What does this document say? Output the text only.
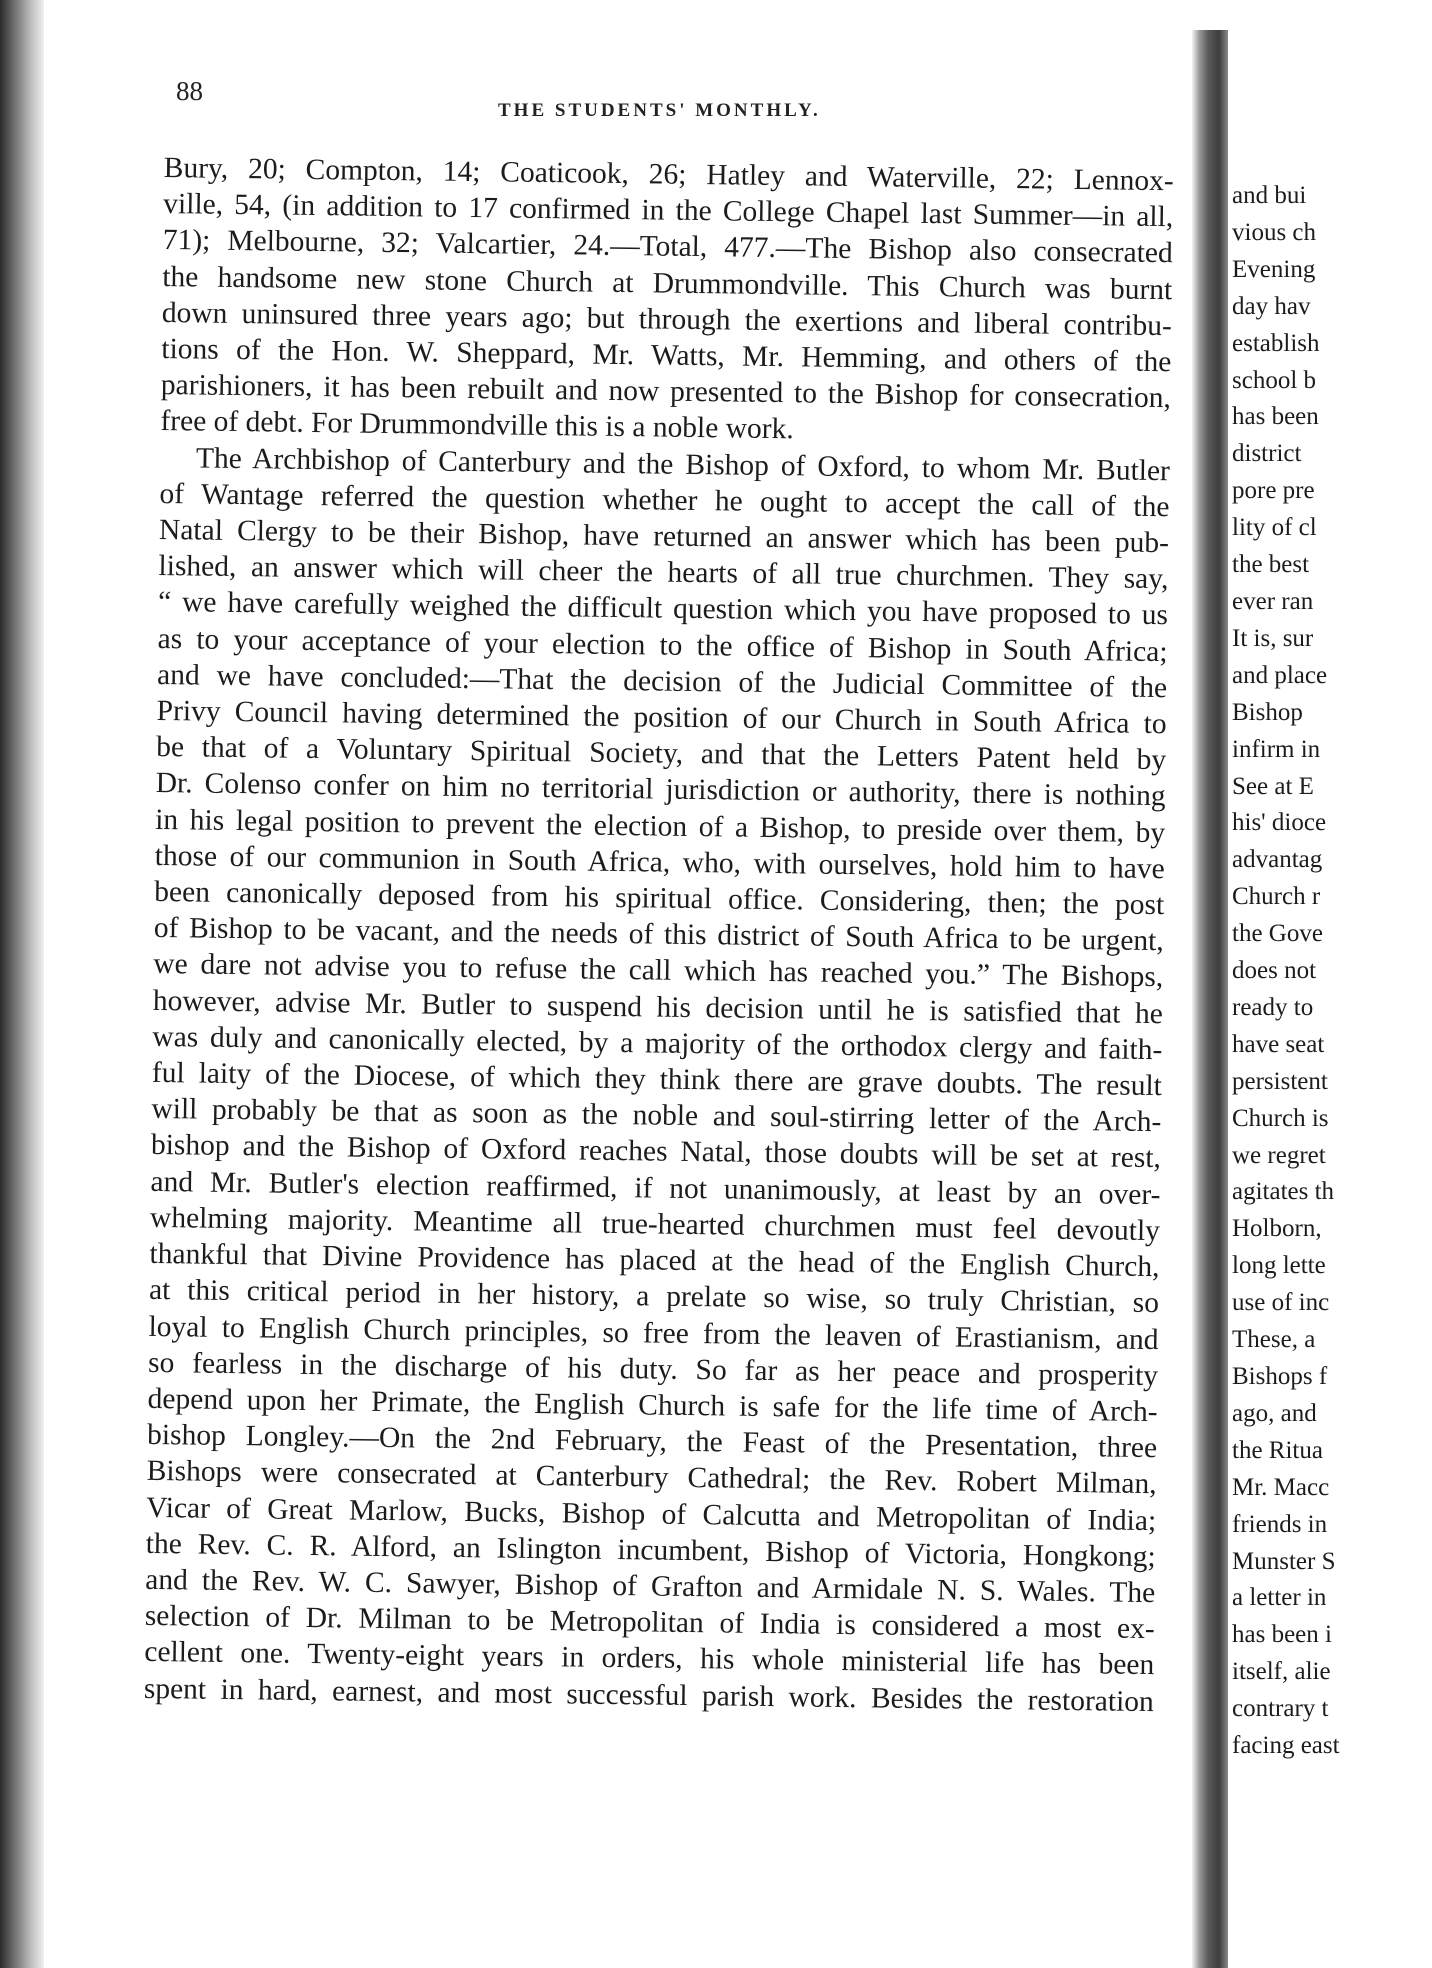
88
THE STUDENTS' MONTHLY.
Bury, 20; Compton, 14; Coaticook, 26; Hatley and Waterville, 22; Lennox-
ville, 54, (in addition to 17 confirmed in the College Chapel last Summer—in all,
71); Melbourne, 32; Valcartier, 24.—Total, 477.—The Bishop also consecrated
the handsome new stone Church at Drummondville. This Church was burnt
down uninsured three years ago; but through the exertions and liberal contribu-
tions of the Hon. W. Sheppard, Mr. Watts, Mr. Hemming, and others of the
parishioners, it has been rebuilt and now presented to the Bishop for consecration,
free of debt. For Drummondville this is a noble work.
The Archbishop of Canterbury and the Bishop of Oxford, to whom Mr. Butler
of Wantage referred the question whether he ought to accept the call of the
Natal Clergy to be their Bishop, have returned an answer which has been pub-
lished, an answer which will cheer the hearts of all true churchmen. They say,
“ we have carefully weighed the difficult question which you have proposed to us
as to your acceptance of your election to the office of Bishop in South Africa;
and we have concluded:—That the decision of the Judicial Committee of the
Privy Council having determined the position of our Church in South Africa to
be that of a Voluntary Spiritual Society, and that the Letters Patent held by
Dr. Colenso confer on him no territorial jurisdiction or authority, there is nothing
in his legal position to prevent the election of a Bishop, to preside over them, by
those of our communion in South Africa, who, with ourselves, hold him to have
been canonically deposed from his spiritual office. Considering, then; the post
of Bishop to be vacant, and the needs of this district of South Africa to be urgent,
we dare not advise you to refuse the call which has reached you.” The Bishops,
however, advise Mr. Butler to suspend his decision until he is satisfied that he
was duly and canonically elected, by a majority of the orthodox clergy and faith-
ful laity of the Diocese, of which they think there are grave doubts. The result
will probably be that as soon as the noble and soul-stirring letter of the Arch-
bishop and the Bishop of Oxford reaches Natal, those doubts will be set at rest,
and Mr. Butler's election reaffirmed, if not unanimously, at least by an over-
whelming majority. Meantime all true-hearted churchmen must feel devoutly
thankful that Divine Providence has placed at the head of the English Church,
at this critical period in her history, a prelate so wise, so truly Christian, so
loyal to English Church principles, so free from the leaven of Erastianism, and
so fearless in the discharge of his duty. So far as her peace and prosperity
depend upon her Primate, the English Church is safe for the life time of Arch-
bishop Longley.—On the 2nd February, the Feast of the Presentation, three
Bishops were consecrated at Canterbury Cathedral; the Rev. Robert Milman,
Vicar of Great Marlow, Bucks, Bishop of Calcutta and Metropolitan of India;
the Rev. C. R. Alford, an Islington incumbent, Bishop of Victoria, Hongkong;
and the Rev. W. C. Sawyer, Bishop of Grafton and Armidale N. S. Wales. The
selection of Dr. Milman to be Metropolitan of India is considered a most ex-
cellent one. Twenty-eight years in orders, his whole ministerial life has been
spent in hard, earnest, and most successful parish work. Besides the restoration
and bui
vious ch
Evening
day hav
establish
school b
has been
district
pore pre
lity of cl
the best
ever ran
It is, sur
and place
Bishop
infirm in
See at E
his' dioce
advantag
Church r
the Gove
does not
ready to
have seat
persistent
Church is
we regret
agitates th
Holborn,
long lette
use of inc
These, a
Bishops f
ago, and
the Ritua
Mr. Macc
friends in
Munster S
a letter in
has been i
itself, alie
contrary t
facing east
